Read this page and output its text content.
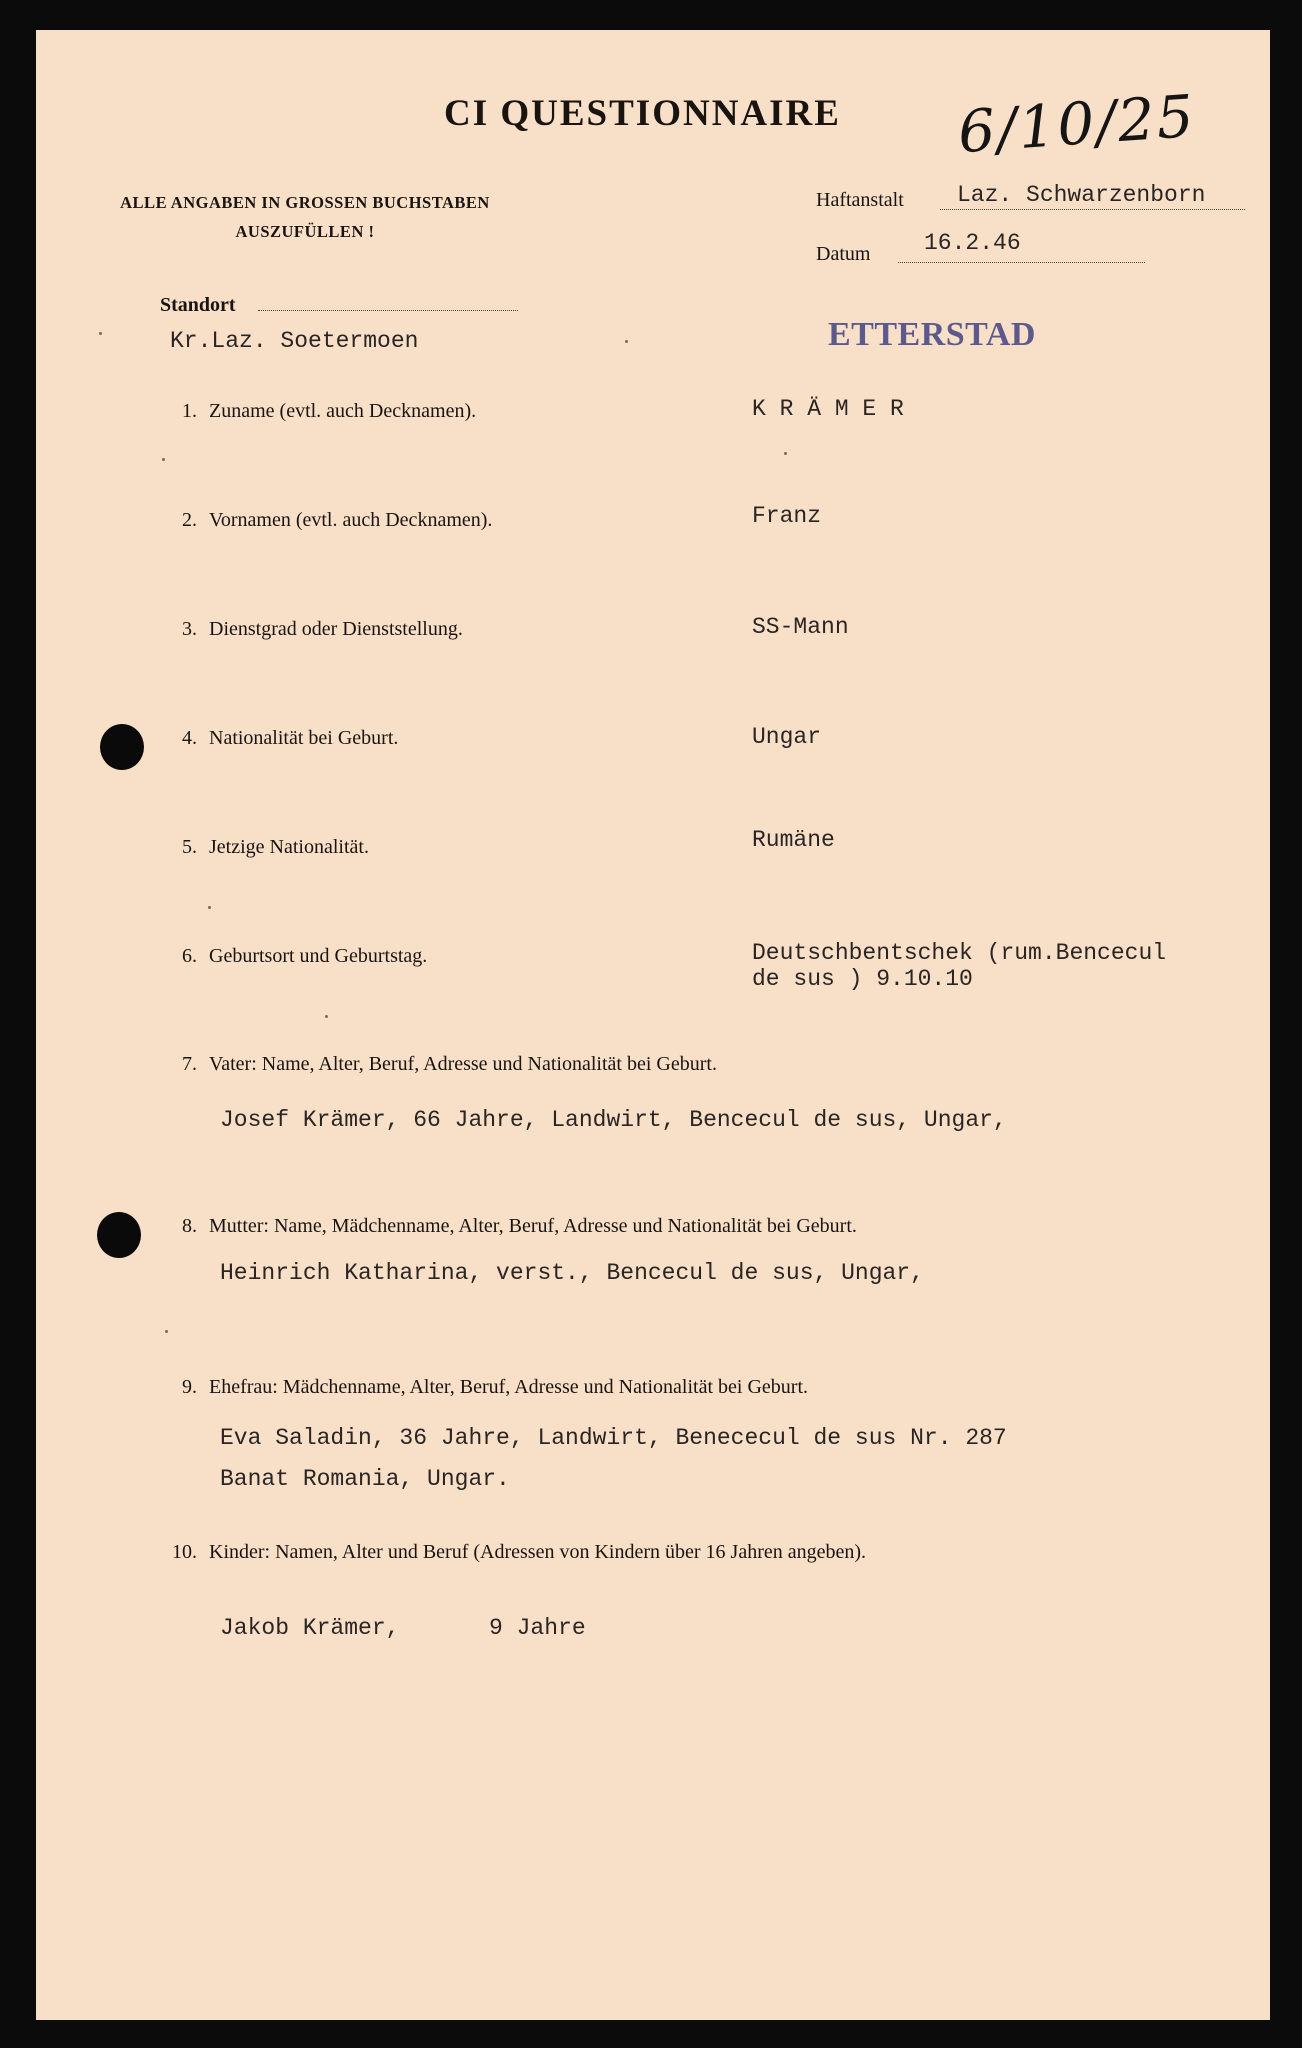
CI QUESTIONNAIRE 6/10/25
ALLE ANGABEN IN GROSSEN BUCHSTABEN
AUSZUFÜLLEN !
Haftanstalt Laz. Schwarzenborn
Datum 16.2.46
Standort
Kr.Laz. Soetermoen	ETTERSTAD
1. Zuname (evtl. auch Decknamen).	K R Ä M E R
2. Vornamen (evtl. auch Decknamen).	Franz
3. Dienstgrad oder Dienststellung.	SS-Mann
4. Nationalität bei Geburt.	Ungar
5. Jetzige Nationalität.	Rumäne
6. Geburtsort und Geburtstag.	Deutschbentschek (rum.Bencecul
de sus ) 9.10.10
7. Vater: Name, Alter, Beruf, Adresse und Nationalität bei Geburt.
Josef Krämer, 66 Jahre, Landwirt, Bencecul de sus, Ungar,
8. Mutter: Name, Mädchenname, Alter, Beruf, Adresse und Nationalität bei Geburt.
Heinrich Katharina, verst., Bencecul de sus, Ungar,
9. Ehefrau: Mädchenname, Alter, Beruf, Adresse und Nationalität bei Geburt.
Eva Saladin, 36 Jahre, Landwirt, Benececul de sus Nr. 287
Banat Romania, Ungar.
10. Kinder: Namen, Alter und Beruf (Adressen von Kindern über 16 Jahren angeben).
Jakob Krämer,	9 Jahre
